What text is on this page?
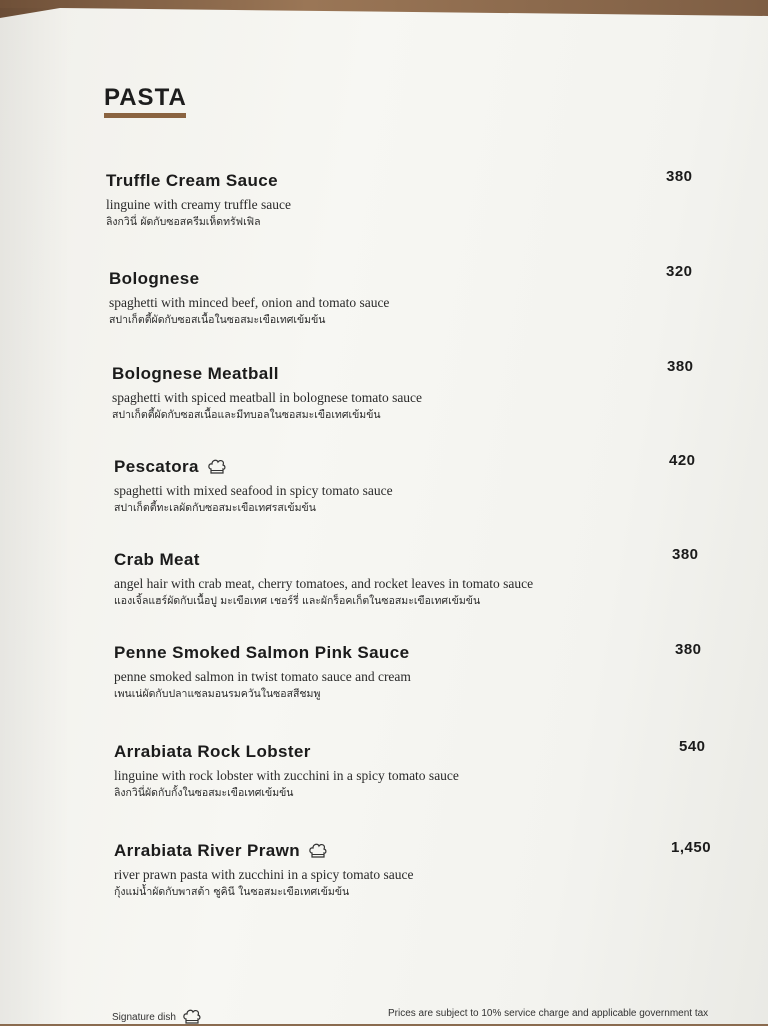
PASTA
Truffle Cream Sauce
linguine with creamy truffle sauce
ลิงกวินี่ ผัดกับซอสครีมเห็ดทรัฟเฟิล
380
Bolognese
spaghetti with minced beef, onion and tomato sauce
สปาเก็ตตี้ผัดกับซอสเนื้อในซอสมะเขือเทศเข้มข้น
320
Bolognese Meatball
spaghetti with spiced meatball in bolognese tomato sauce
สปาเก็ตตี้ผัดกับซอสเนื้อและมีทบอลในซอสมะเขือเทศเข้มข้น
380
Pescatora
spaghetti with mixed seafood in spicy tomato sauce
สปาเก็ตตี้ทะเลผัดกับซอสมะเขือเทศรสเข้มข้น
420
Crab Meat
angel hair with crab meat, cherry tomatoes, and rocket leaves in tomato sauce
แองเจิ้ลแฮร์ผัดกับเนื้อปู มะเขือเทศ เชอร์รี่ และผักร็อคเก็ตในซอสมะเขือเทศเข้มข้น
380
Penne Smoked Salmon Pink Sauce
penne smoked salmon in twist tomato sauce and cream
เพนเน่ผัดกับปลาแซลมอนรมควันในซอสสีชมพู
380
Arrabiata Rock Lobster
linguine with rock lobster with zucchini in a spicy tomato sauce
ลิงกวินี่ผัดกับกั้งในซอสมะเขือเทศเข้มข้น
540
Arrabiata River Prawn
river prawn pasta with zucchini in a spicy tomato sauce
กุ้งแม่น้ำผัดกับพาสต้า ซูคินี ในซอสมะเขือเทศเข้มข้น
1,450
Signature dish	Prices are subject to 10% service charge and applicable government tax
